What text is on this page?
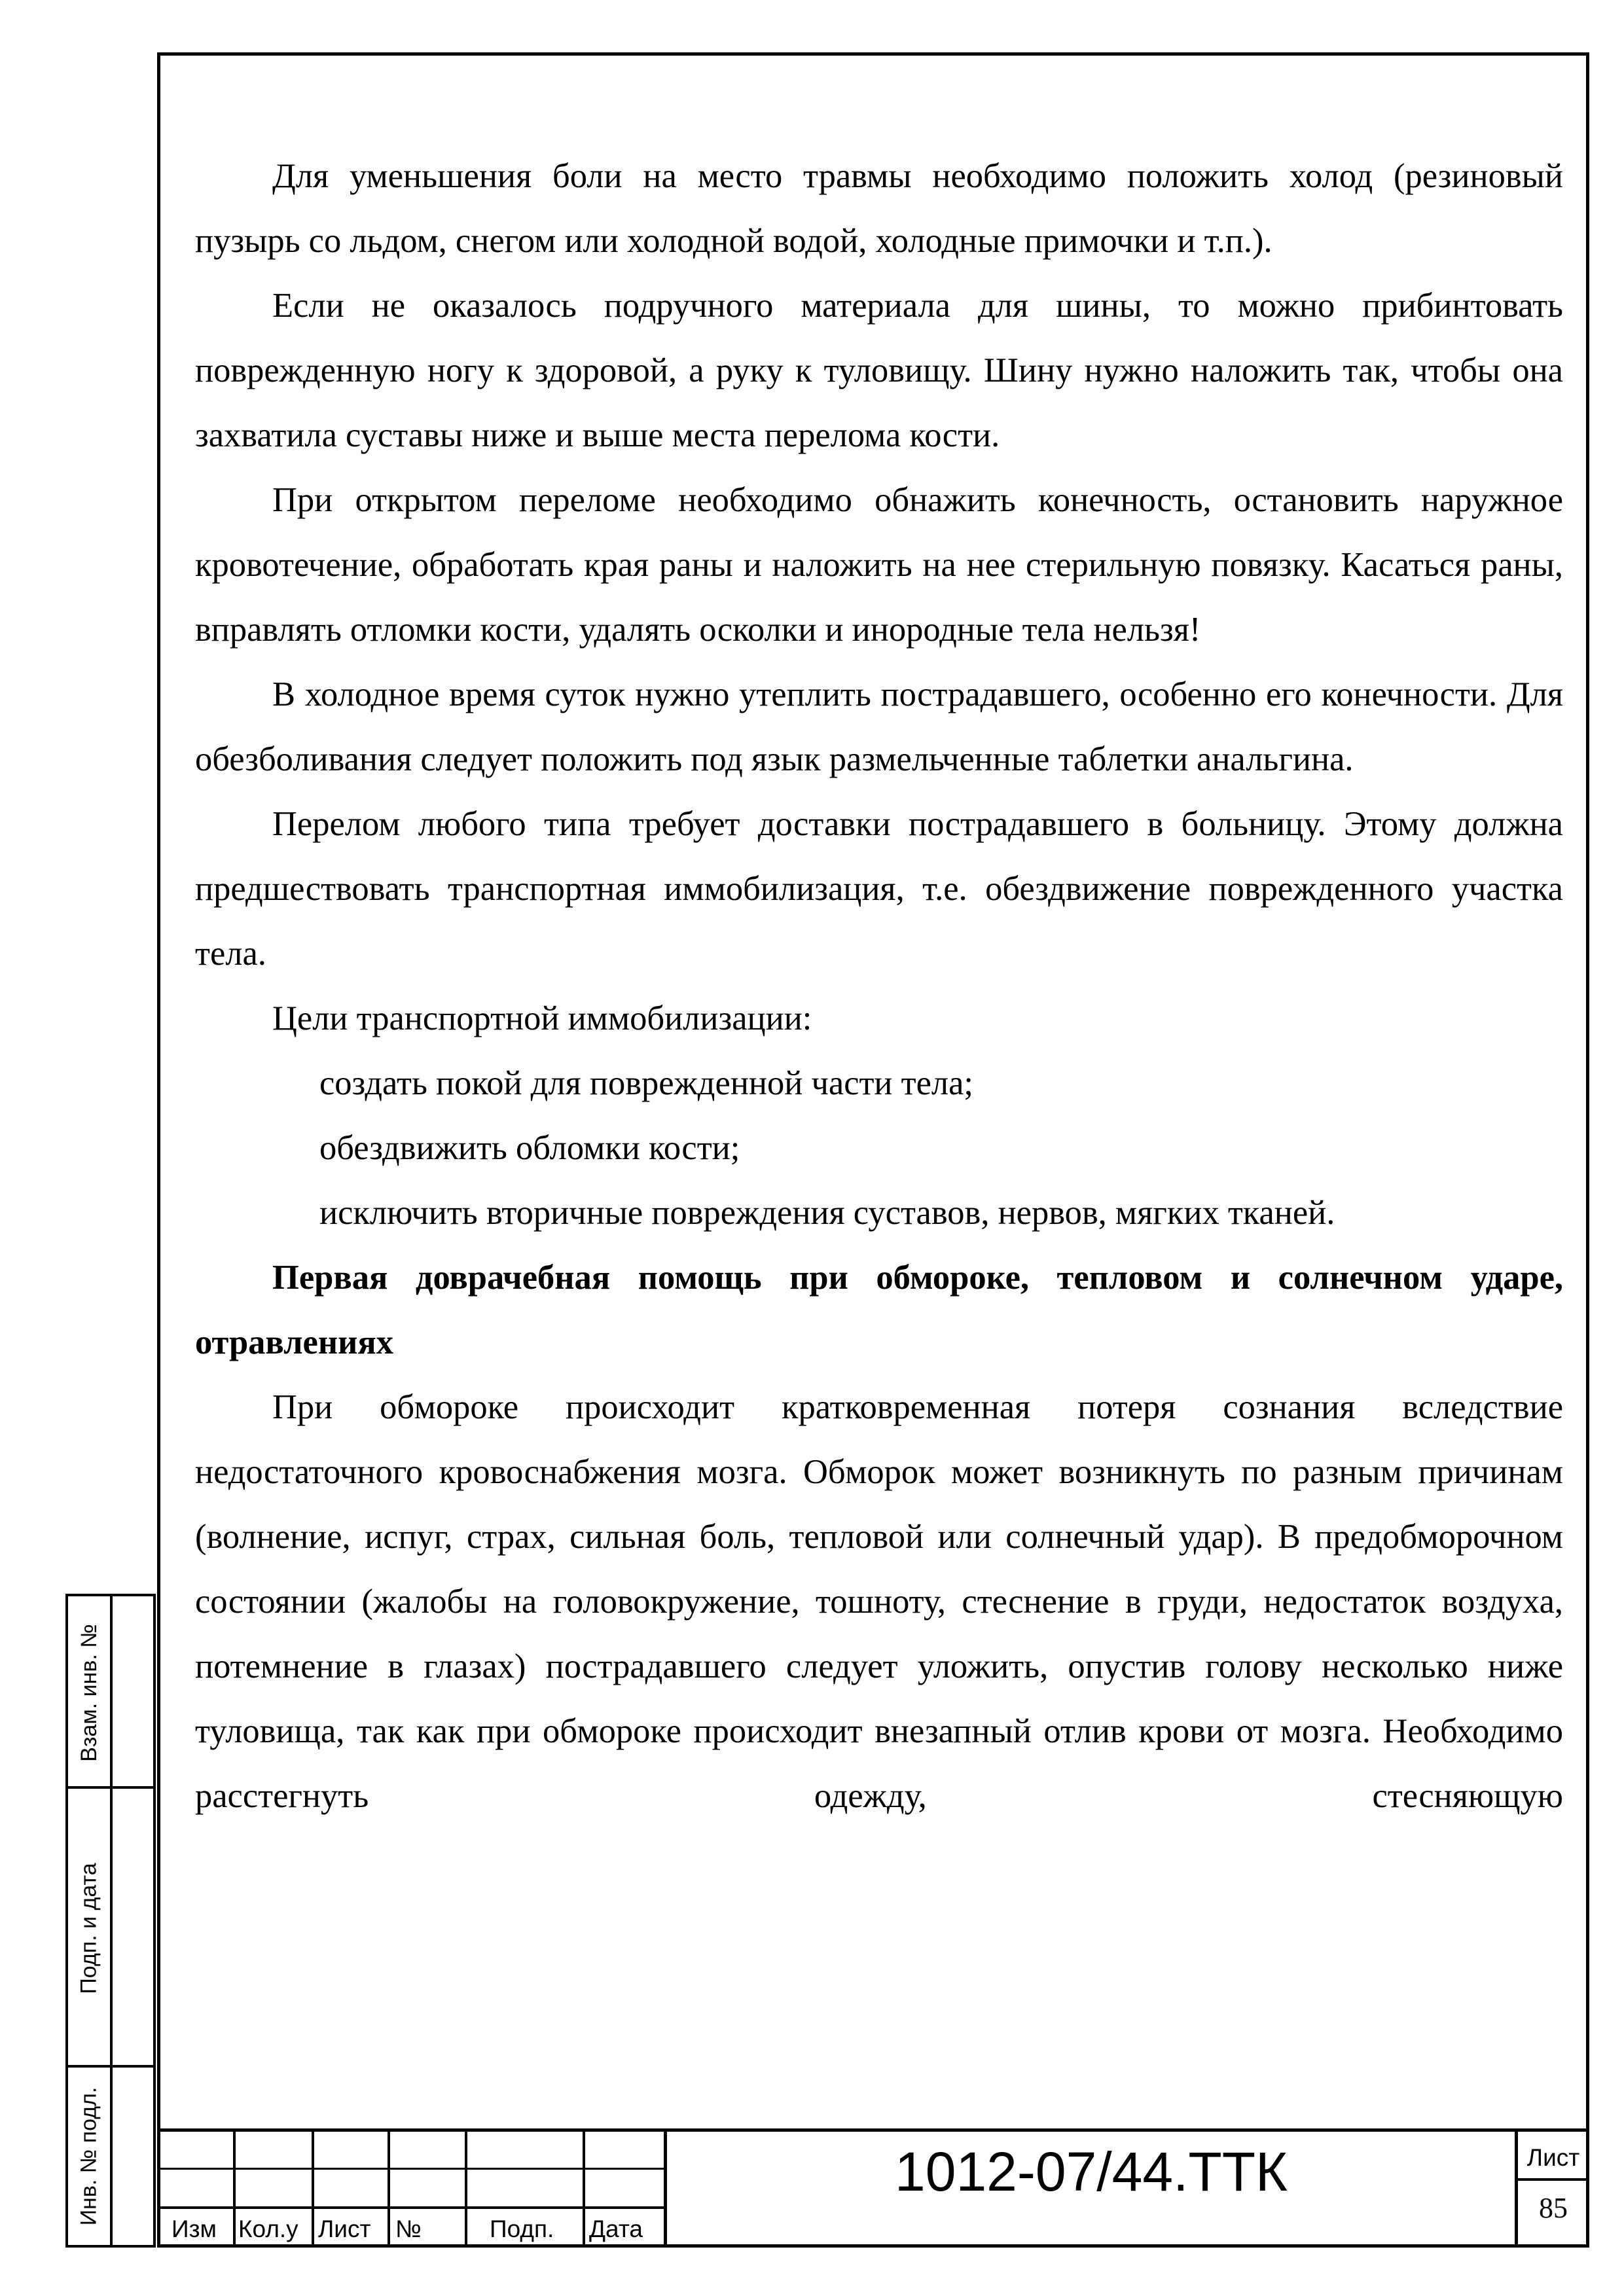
Для уменьшения боли на место травмы необходимо положить холод (резиновый пузырь со льдом, снегом или холодной водой, холодные примочки и т.п.).

Если не оказалось подручного материала для шины, то можно прибинтовать поврежденную ногу к здоровой, а руку к туловищу. Шину нужно наложить так, чтобы она захватила суставы ниже и выше места перелома кости.

При открытом переломе необходимо обнажить конечность, остановить наружное кровотечение, обработать края раны и наложить на нее стерильную повязку. Касаться раны, вправлять отломки кости, удалять осколки и инородные тела нельзя!

В холодное время суток нужно утеплить пострадавшего, особенно его конечности. Для обезболивания следует положить под язык размельченные таблетки анальгина.

Перелом любого типа требует доставки пострадавшего в больницу. Этому должна предшествовать транспортная иммобилизация, т.е. обездвижение поврежденного участка тела.

Цели транспортной иммобилизации:

создать покой для поврежденной части тела;

обездвижить обломки кости;

исключить вторичные повреждения суставов, нервов, мягких тканей.

Первая доврачебная помощь при обмороке, тепловом и солнечном ударе, отравлениях

При обмороке происходит кратковременная потеря сознания вследствие недостаточного кровоснабжения мозга. Обморок может возникнуть по разным причинам (волнение, испуг, страх, сильная боль, тепловой или солнечный удар). В предобморочном состоянии (жалобы на головокружение, тошноту, стеснение в груди, недостаток воздуха, потемнение в глазах) пострадавшего следует уложить, опустив голову несколько ниже туловища, так как при обмороке происходит внезапный отлив крови от мозга. Необходимо расстегнуть одежду, стесняющую

Взам. инв. №
Подп. и дата
Инв. № подл.
Изм Кол.у Лист №	Подп. Дата
1012-07/44.ТТК	Лист
85
